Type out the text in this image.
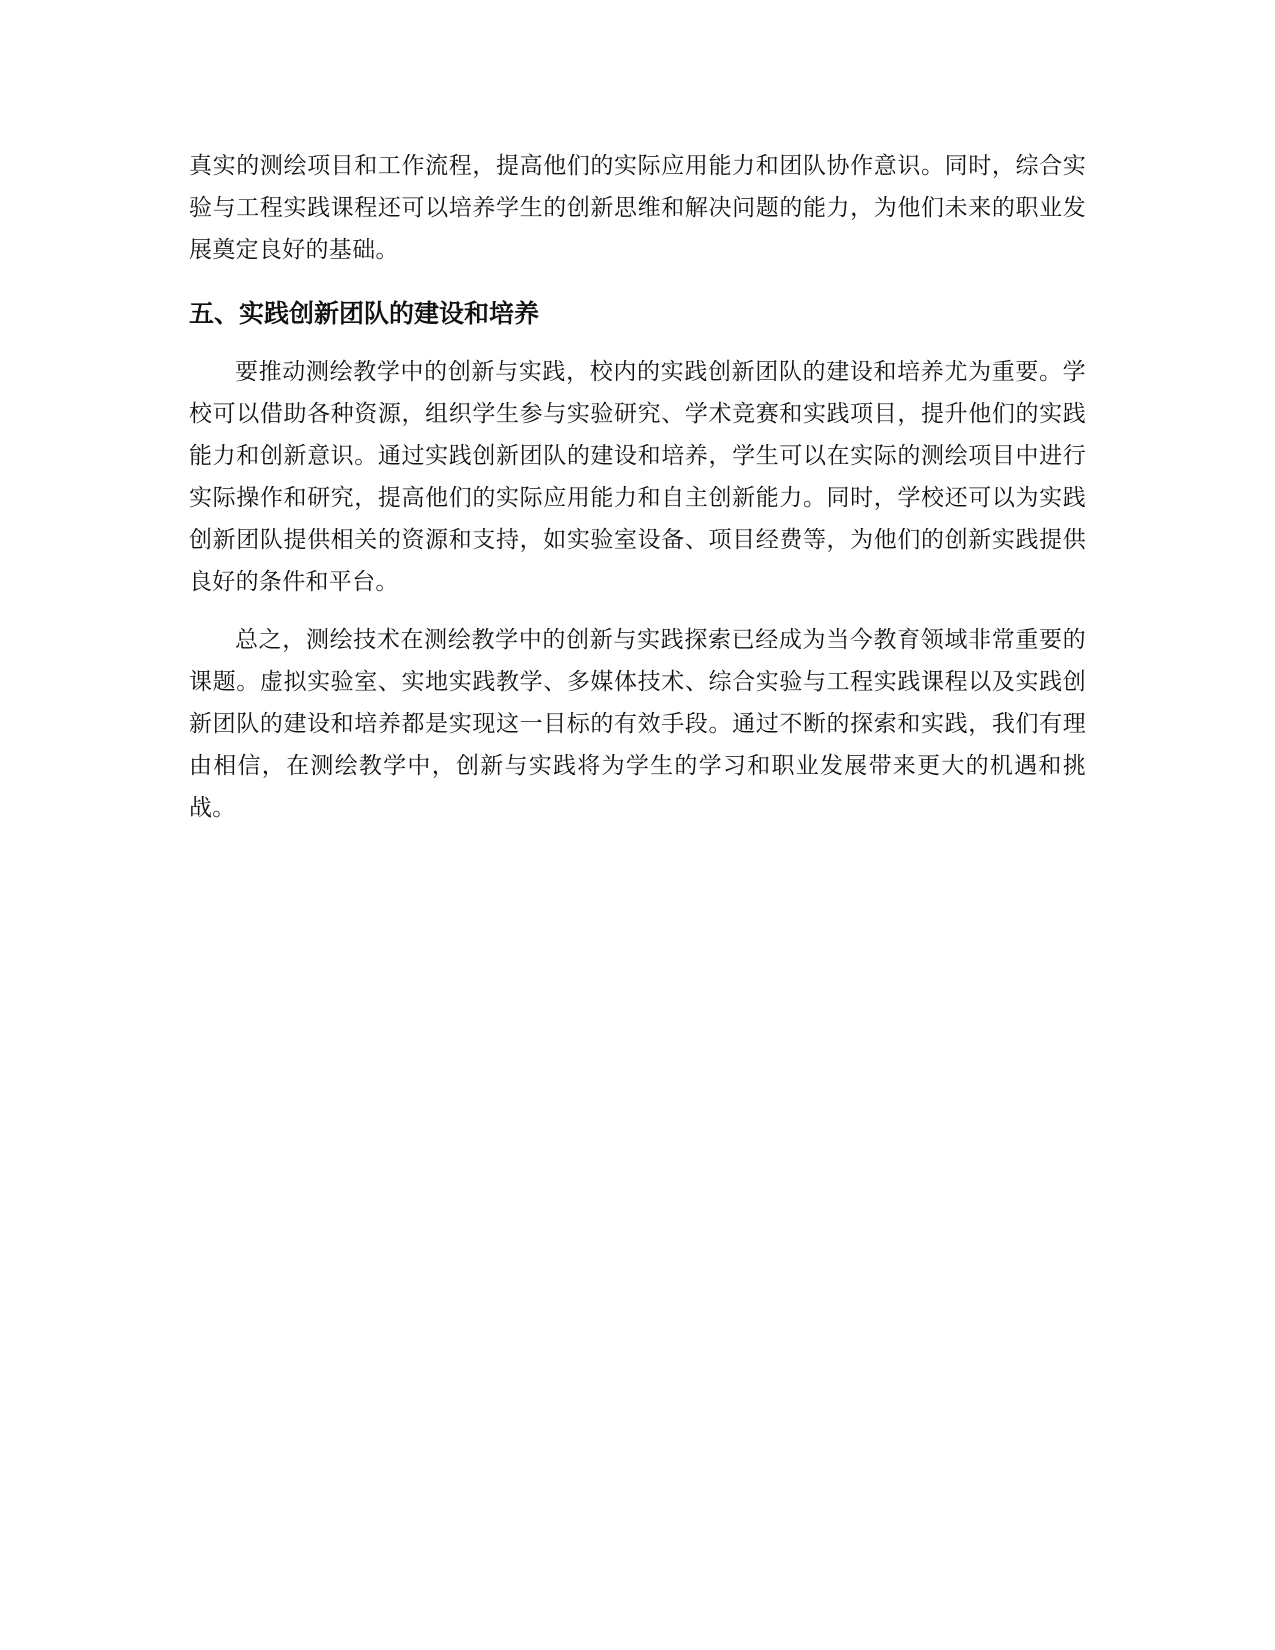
真实的测绘项目和工作流程，提高他们的实际应用能力和团队协作意识。同时，综合实验与工程实践课程还可以培养学生的创新思维和解决问题的能力，为他们未来的职业发展奠定良好的基础。

五、实践创新团队的建设和培养

要推动测绘教学中的创新与实践，校内的实践创新团队的建设和培养尤为重要。学校可以借助各种资源，组织学生参与实验研究、学术竞赛和实践项目，提升他们的实践能力和创新意识。通过实践创新团队的建设和培养，学生可以在实际的测绘项目中进行实际操作和研究，提高他们的实际应用能力和自主创新能力。同时，学校还可以为实践创新团队提供相关的资源和支持，如实验室设备、项目经费等，为他们的创新实践提供良好的条件和平台。

总之，测绘技术在测绘教学中的创新与实践探索已经成为当今教育领域非常重要的课题。虚拟实验室、实地实践教学、多媒体技术、综合实验与工程实践课程以及实践创新团队的建设和培养都是实现这一目标的有效手段。通过不断的探索和实践，我们有理由相信，在测绘教学中，创新与实践将为学生的学习和职业发展带来更大的机遇和挑战。
